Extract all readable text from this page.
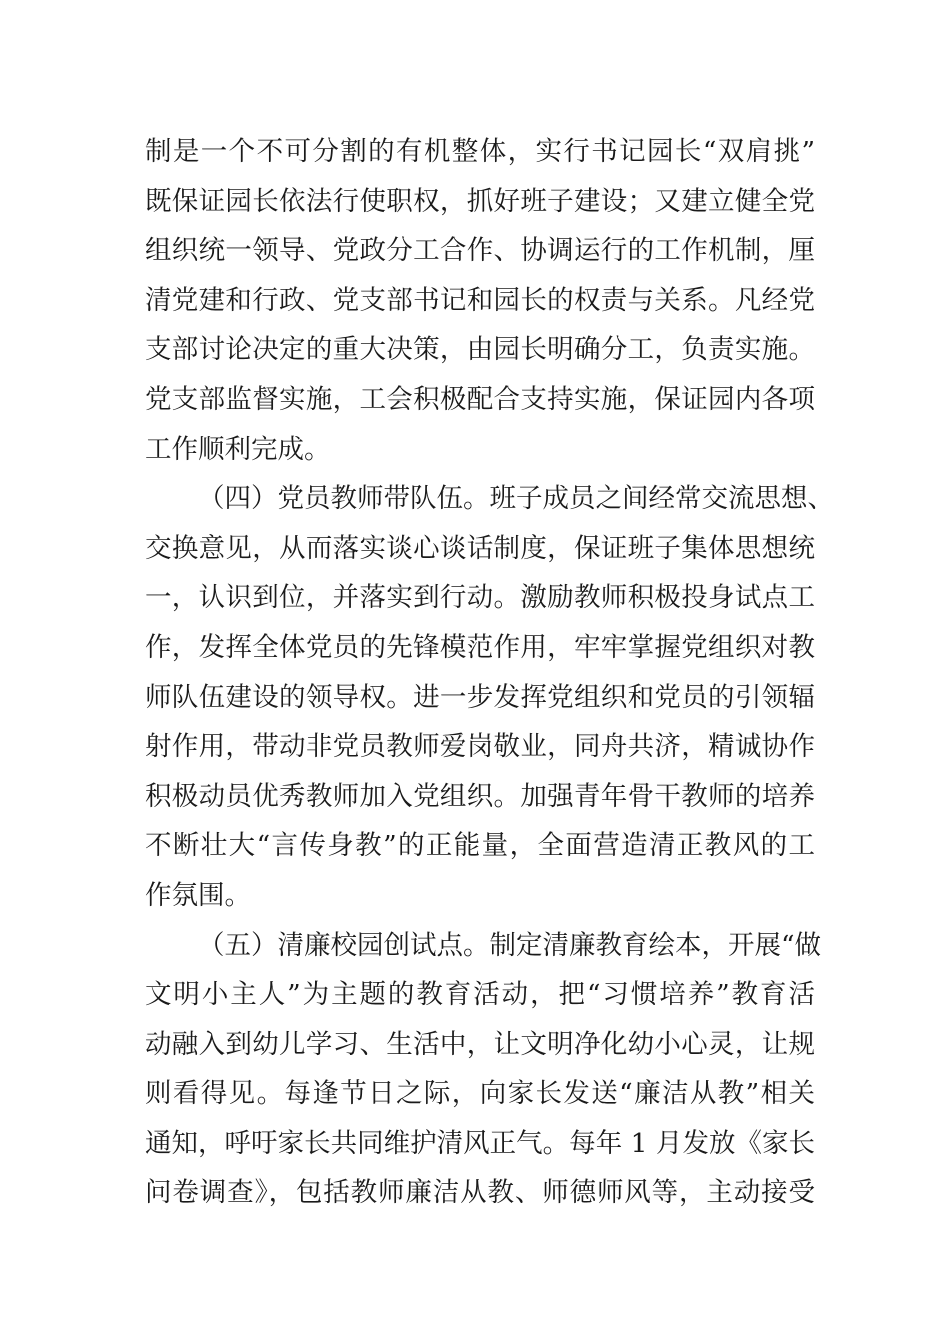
制是一个不可分割的有机整体，实行书记园长“双肩挑”
既保证园长依法行使职权，抓好班子建设；又建立健全党
组织统一领导、党政分工合作、协调运行的工作机制，厘
清党建和行政、党支部书记和园长的权责与关系。凡经党
支部讨论决定的重大决策，由园长明确分工，负责实施。
党支部监督实施，工会积极配合支持实施，保证园内各项
工作顺利完成。
（四）党员教师带队伍。班子成员之间经常交流思想、
交换意见，从而落实谈心谈话制度，保证班子集体思想统
一，认识到位，并落实到行动。激励教师积极投身试点工
作，发挥全体党员的先锋模范作用，牢牢掌握党组织对教
师队伍建设的领导权。进一步发挥党组织和党员的引领辐
射作用，带动非党员教师爱岗敬业，同舟共济，精诚协作
积极动员优秀教师加入党组织。加强青年骨干教师的培养
不断壮大“言传身教”的正能量，全面营造清正教风的工
作氛围。
（五）清廉校园创试点。制定清廉教育绘本，开展“做
文明小主人”为主题的教育活动，把“习惯培养”教育活
动融入到幼儿学习、生活中，让文明净化幼小心灵，让规
则看得见。每逢节日之际，向家长发送“廉洁从教”相关
通知，呼吁家长共同维护清风正气。每年 1 月发放《家长
问卷调查》，包括教师廉洁从教、师德师风等，主动接受
